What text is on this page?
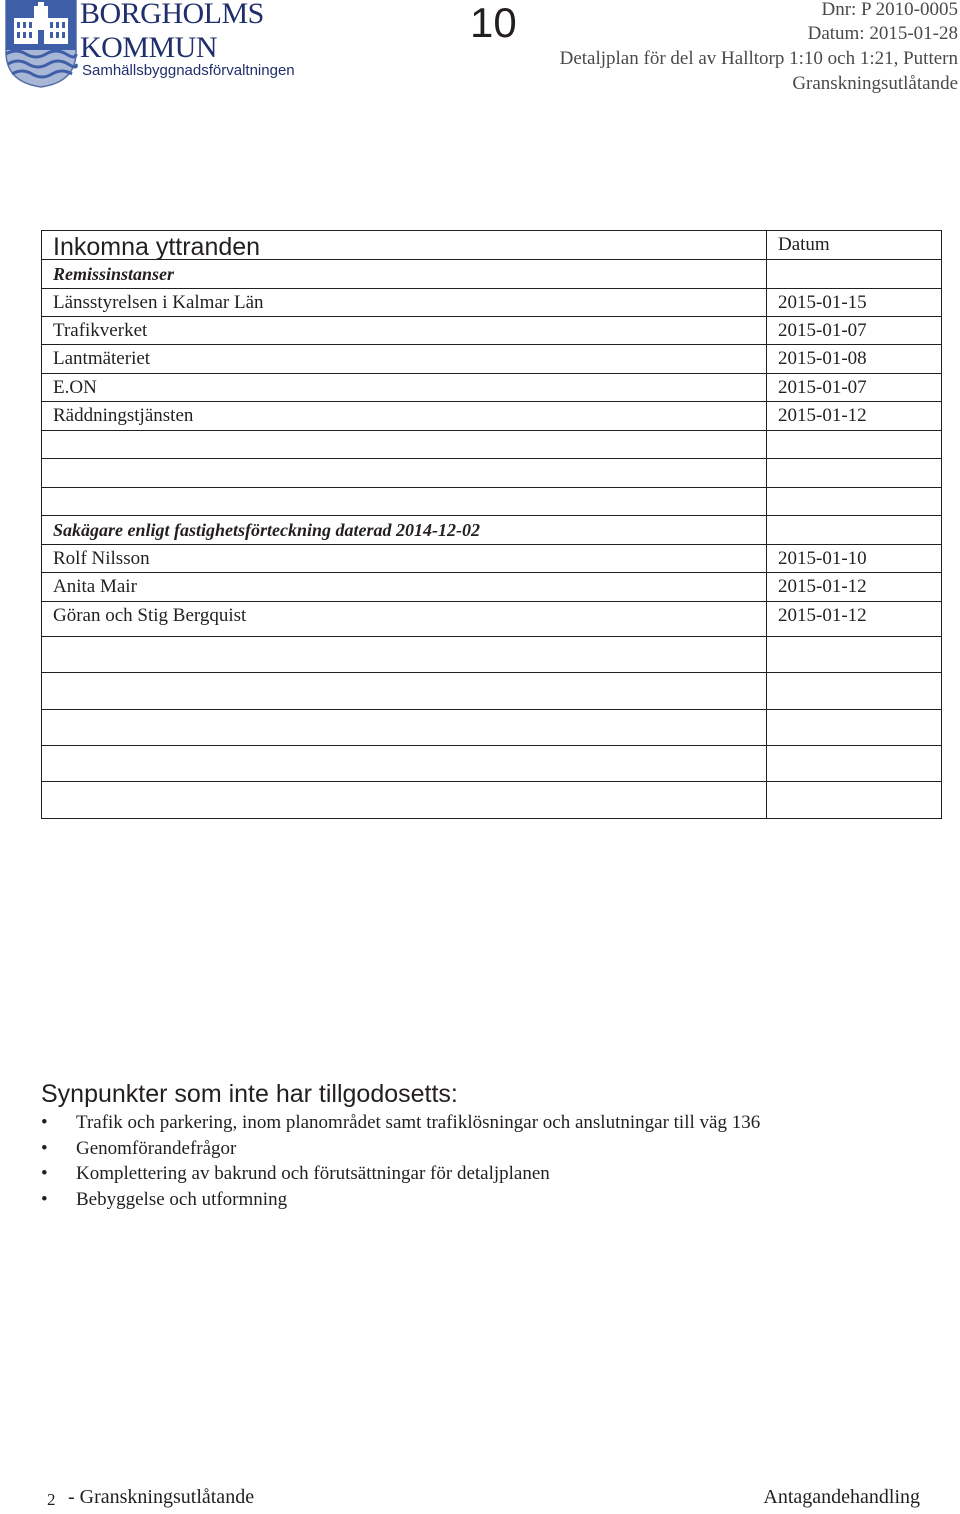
BORGHOLMS
KOMMUN
Samhällsbyggnadsförvaltningen
10	Dnr: P 2010-0005
Datum: 2015-01-28
Detaljplan för del av Halltorp 1:10 och 1:21, Puttern
Granskningsutlåtande
Inkomna yttranden	Datum
Remissinstanser
Länsstyrelsen i Kalmar Län	2015-01-15
Trafikverket	2015-01-07
Lantmäteriet	2015-01-08
E.ON	2015-01-07
Räddningstjänsten	2015-01-12
Sakägare enligt fastighetsförteckning daterad 2014-12-02
Rolf Nilsson	2015-01-10
Anita Mair	2015-01-12
Göran och Stig Bergquist	2015-01-12
Synpunkter som inte har tillgodosetts:
• Trafik och parkering, inom planområdet samt trafiklösningar och anslutningar till väg 136
• Genomförandefrågor
• Komplettering av bakrund och förutsättningar för detaljplanen
• Bebyggelse och utformning
2 - Granskningsutlåtande	Antagandehandling
